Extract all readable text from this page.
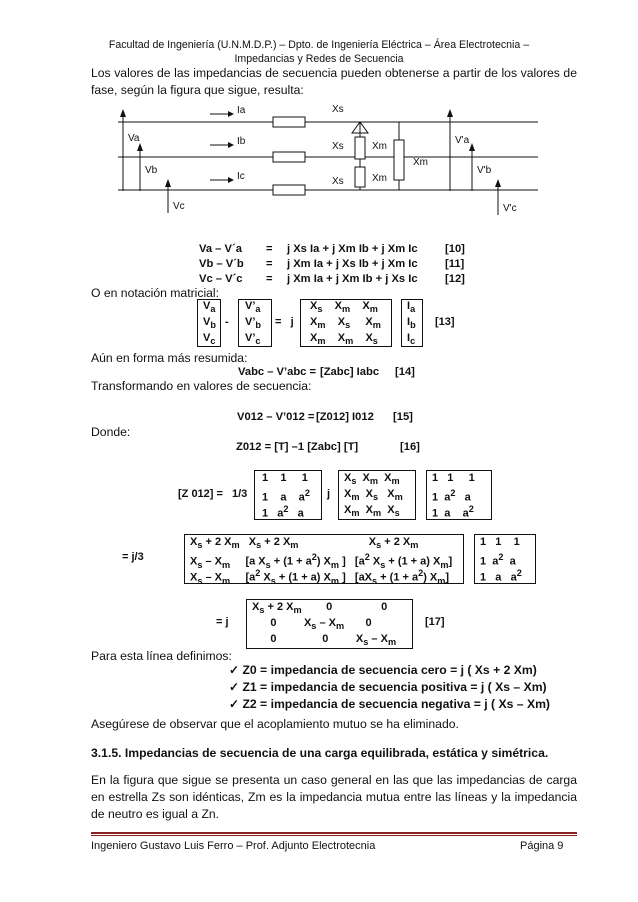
Facultad de Ingeniería (U.N.M.D.P.) – Dpto. de Ingeniería Eléctrica – Área Electrotecnia –
Impedancias y Redes de Secuencia
Los valores de las impedancias de secuencia pueden obtenerse a partir de los valores de fase, según la figura que sigue, resulta:
Ia
Ib
Ic
Va
Vb
Vc
V'a
V'b
V'c
Xs
Xs
Xs
Xm
Xm
Xm
Va – V´a = j Xs Ia + j Xm Ib + j Xm Ic [10]
Vb – V´b = j Xm Ia + j Xs Ib + j Xm Ic [11]
Vc – V´c = j Xm Ia + j Xm Ib + j Xs Ic [12]
O en notación matricial:
$V_a$
$V_b$
$V_c$
-
$V’_a$
$V’_b$
$V’_c$
=   j
$X_s$    $X_m$    $X_m$
$X_m$    $X_s$     $X_m$
$X_m$    $X_m$    $X_s$
$I_a$
$I_b$
$I_c$
[13]
Aún en forma más resumida:
Vabc – V’abc = [Zabc] Iabc [14]
Transformando en valores de secuencia:
V012 – V’012 = [Z012] I012 [15]
Donde:
Z012 = [T] –1 [Zabc] [T]	[16]
[Z 012] = 1/3
1    1     1
1    a    $a^2$
1   $a^2$   a
j
$X_s$  $X_m$  $X_m$
$X_m$  $X_s$   $X_m$
$X_m$  $X_m$  $X_s$
1   1     1
1  $a^2$   a
1  a    $a^2$
= j/3
$X_s + 2$ $X_m$   $X_s + 2$ $X_m$                       $X_s + 2$ $X_m$
$X_s - X_m$     [a $X_s + (1 + a^2)$ $X_m$ ]   [$a^2$ $X_s + (1 + a)$ $X_m$]
$X_s - X_m$     [$a^2$ $X_s + (1 + a)$ $X_m$ ]   [$aX_s + (1 + a^2)$ $X_m$]
1   1    1
1  $a^2$  a
1   a   $a^2$
= j
$X_s + 2$ $X_m$        0                0
0         $X_s - X_m$       0
0               0         $X_s - X_m$
[17]
Para esta línea definimos:
✓ Z0 = impedancia de secuencia cero = j ( Xs + 2 Xm)
✓ Z1 = impedancia de secuencia positiva = j ( Xs – Xm)
✓ Z2 = impedancia de secuencia negativa = j ( Xs – Xm)
Asegúrese de observar que el acoplamiento mutuo se ha eliminado.
3.1.5. Impedancias de secuencia de una carga equilibrada, estática y simétrica.
En la figura que sigue se presenta un caso general en las que las impedancias de carga en estrella Zs son idénticas, Zm es la impedancia mutua entre las líneas y la impedancia de neutro es igual a Zn.
Ingeniero Gustavo Luis Ferro – Prof. Adjunto Electrotecnia	Página 9
